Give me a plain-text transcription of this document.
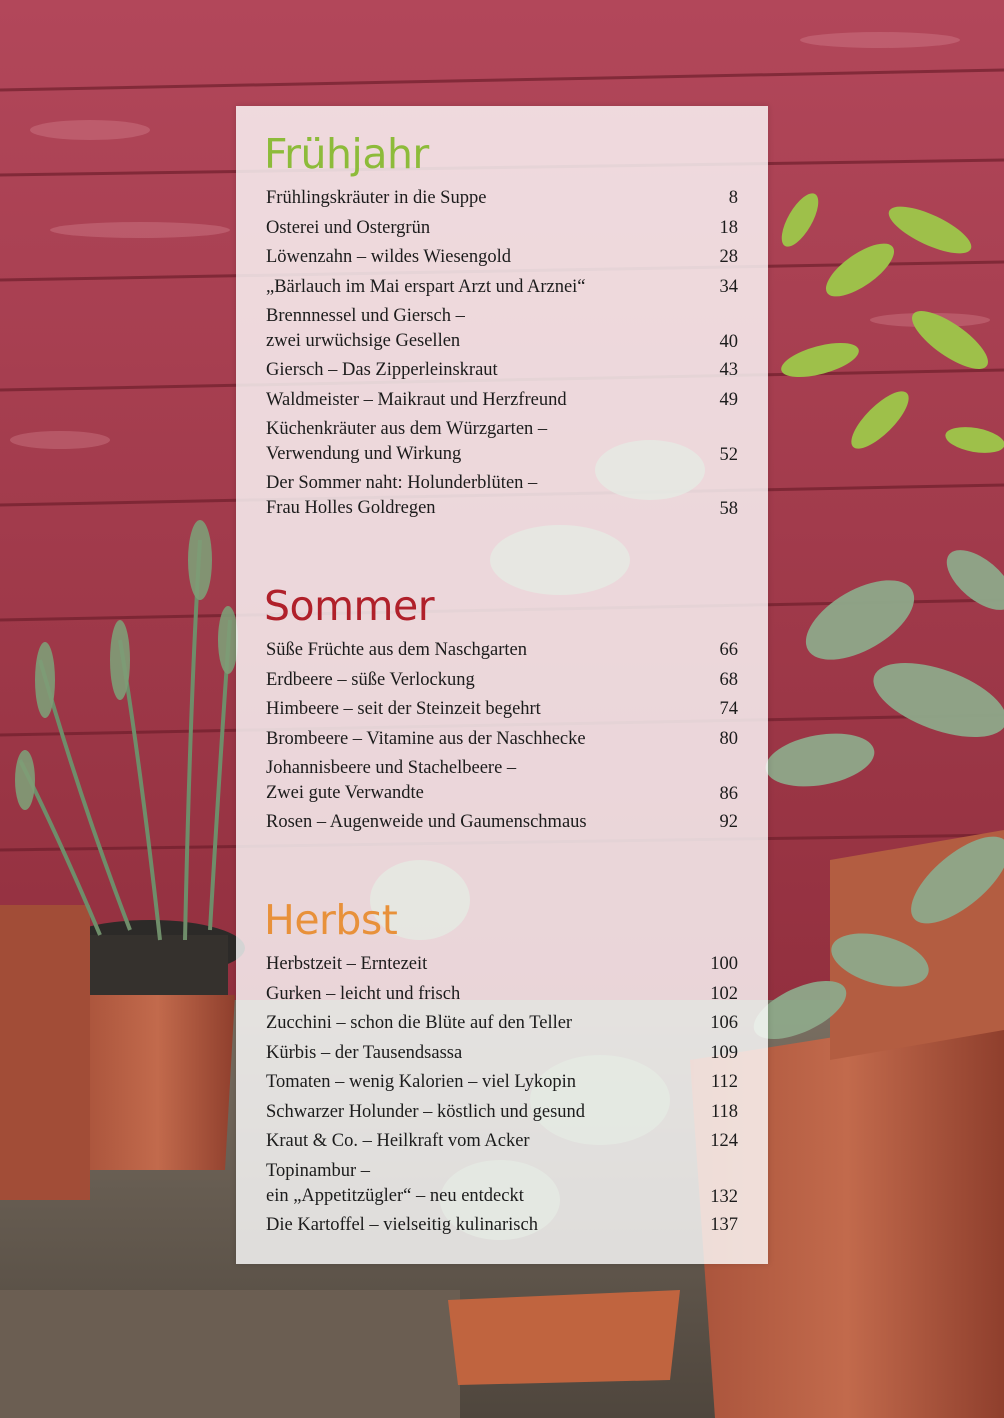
Frühjahr
Frühlingskräuter in die Suppe	8
Osterei und Ostergrün	18
Löwenzahn – wildes Wiesengold	28
„Bärlauch im Mai erspart Arzt und Arznei“	34
Brennnessel und Giersch –
zwei urwüchsige Gesellen	40
Giersch – Das Zipperleinskraut	43
Waldmeister – Maikraut und Herzfreund	49
Küchenkräuter aus dem Würzgarten –
Verwendung und Wirkung	52
Der Sommer naht: Holunderblüten –
Frau Holles Goldregen	58
Sommer
Süße Früchte aus dem Naschgarten	66
Erdbeere – süße Verlockung	68
Himbeere – seit der Steinzeit begehrt	74
Brombeere – Vitamine aus der Naschhecke	80
Johannisbeere und Stachelbeere –
Zwei gute Verwandte	86
Rosen – Augenweide und Gaumenschmaus	92
Herbst
Herbstzeit – Erntezeit	100
Gurken – leicht und frisch	102
Zucchini – schon die Blüte auf den Teller	106
Kürbis – der Tausendsassa	109
Tomaten – wenig Kalorien – viel Lykopin	112
Schwarzer Holunder – köstlich und gesund	118
Kraut & Co. – Heilkraft vom Acker	124
Topinambur –
ein „Appetitzügler“ – neu entdeckt	132
Die Kartoffel – vielseitig kulinarisch	137
